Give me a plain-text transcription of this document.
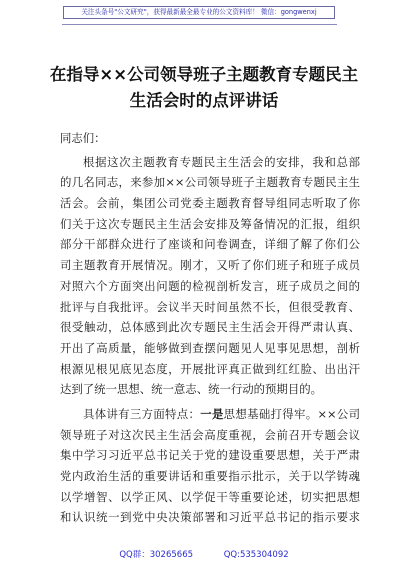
关注头条号"公文研究"，获得最新最全最专业的公文资料库！ 微信：gongwenxj
在指导××公司领导班子主题教育专题民主
生活会时的点评讲话
同志们：
根据这次主题教育专题民主生活会的安排，我和总部
的几名同志，来参加××公司领导班子主题教育专题民主生
活会。会前，集团公司党委主题教育督导组同志听取了你
们关于这次专题民主生活会安排及筹备情况的汇报，组织
部分干部群众进行了座谈和问卷调查，详细了解了你们公
司主题教育开展情况。刚才，又听了你们班子和班子成员
对照六个方面突出问题的检视剖析发言，班子成员之间的
批评与自我批评。会议半天时间虽然不长，但很受教育、
很受触动，总体感到此次专题民主生活会开得严肃认真、
开出了高质量，能够做到查摆问题见人见事见思想，剖析
根源见根见底见态度，开展批评真正做到红红脸、出出汗
达到了统一思想、统一意志、统一行动的预期目的。
具体讲有三方面特点：一是思想基础打得牢。××公司
领导班子对这次民主生活会高度重视，会前召开专题会议
集中学习习近平总书记关于党的建设重要思想，关于严肃
党内政治生活的重要讲话和重要指示批示，关于以学铸魂
以学增智、以学正风、以学促干等重要论述，切实把思想
和认识统一到党中央决策部署和习近平总书记的指示要求
QQ群：30265665	QQ:535304092
